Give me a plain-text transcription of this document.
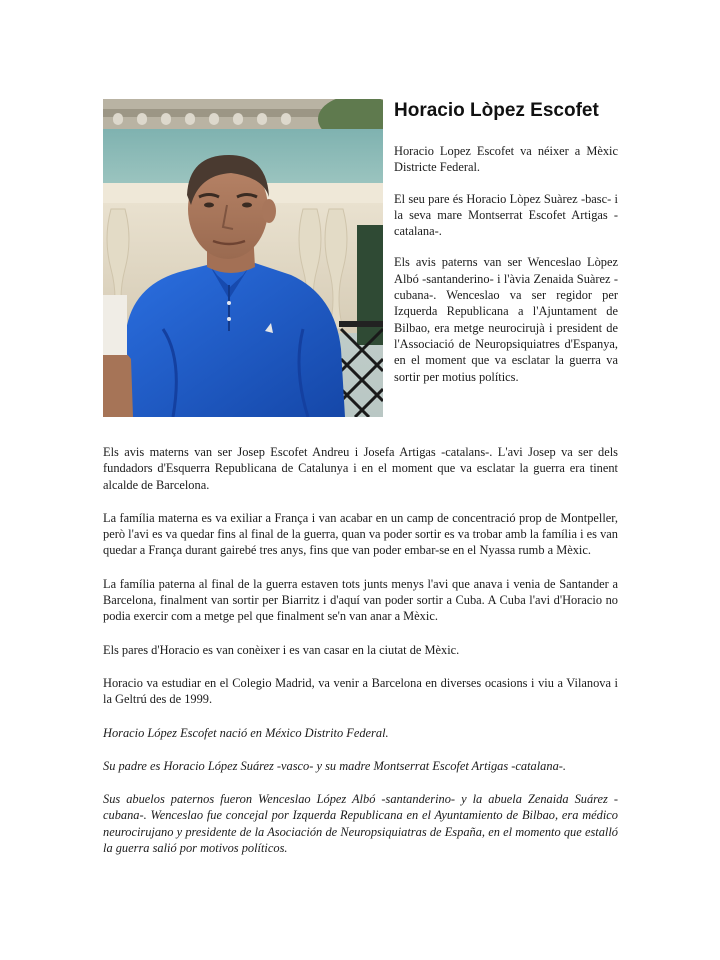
Horacio Lòpez Escofet

Horacio Lopez Escofet va néixer a Mèxic Districte Federal.

El seu pare és Horacio Lòpez Suàrez -basc- i la seva mare Montserrat Escofet Artigas -catalana-.

Els avis paterns van ser Wenceslao Lòpez Albó -santanderino- i l'àvia Zenaida Suàrez -cubana-. Wenceslao va ser regidor per Izquerda Republicana a l'Ajuntament de Bilbao, era metge neurocirujà i president de l'Associació de Neuropsiquiatres d'Espanya, en el moment que va esclatar la guerra va sortir per motius polítics.

Els avis materns van ser Josep Escofet Andreu i Josefa Artigas -catalans-. L'avi Josep va ser dels fundadors d'Esquerra Republicana de Catalunya i en el moment que va esclatar la guerra era tinent alcalde de Barcelona.

La família materna es va exiliar a França i van acabar en un camp de concentració prop de Montpeller, però l'avi es va quedar fins al final de la guerra, quan va poder sortir es va trobar amb la família i es van quedar a França durant gairebé tres anys, fins que van poder embar-se en el Nyassa rumb a Mèxic.

La família paterna al final de la guerra estaven tots junts menys l'avi que anava i venia de Santander a Barcelona, finalment van sortir per Biarritz i d'aquí van poder sortir a Cuba. A Cuba l'avi d'Horacio no podia exercir com a metge pel que finalment se'n van anar a Mèxic.

Els pares d'Horacio es van conèixer i es van casar en la ciutat de Mèxic.

Horacio va estudiar en el Colegio Madrid, va venir a Barcelona en diverses ocasions i viu a Vilanova i la Geltrú des de 1999.

Horacio López Escofet nació en México Distrito Federal.

Su padre es Horacio López Suárez -vasco- y su madre Montserrat Escofet Artigas -catalana-.

Sus abuelos paternos fueron Wenceslao López Albó -santanderino- y la abuela Zenaida Suárez -cubana-. Wenceslao fue concejal por Izquerda Republicana en el Ayuntamiento de Bilbao, era médico neurocirujano y presidente de la Asociación de Neuropsiquiatras de España, en el momento que estalló la guerra salió por motivos políticos.
